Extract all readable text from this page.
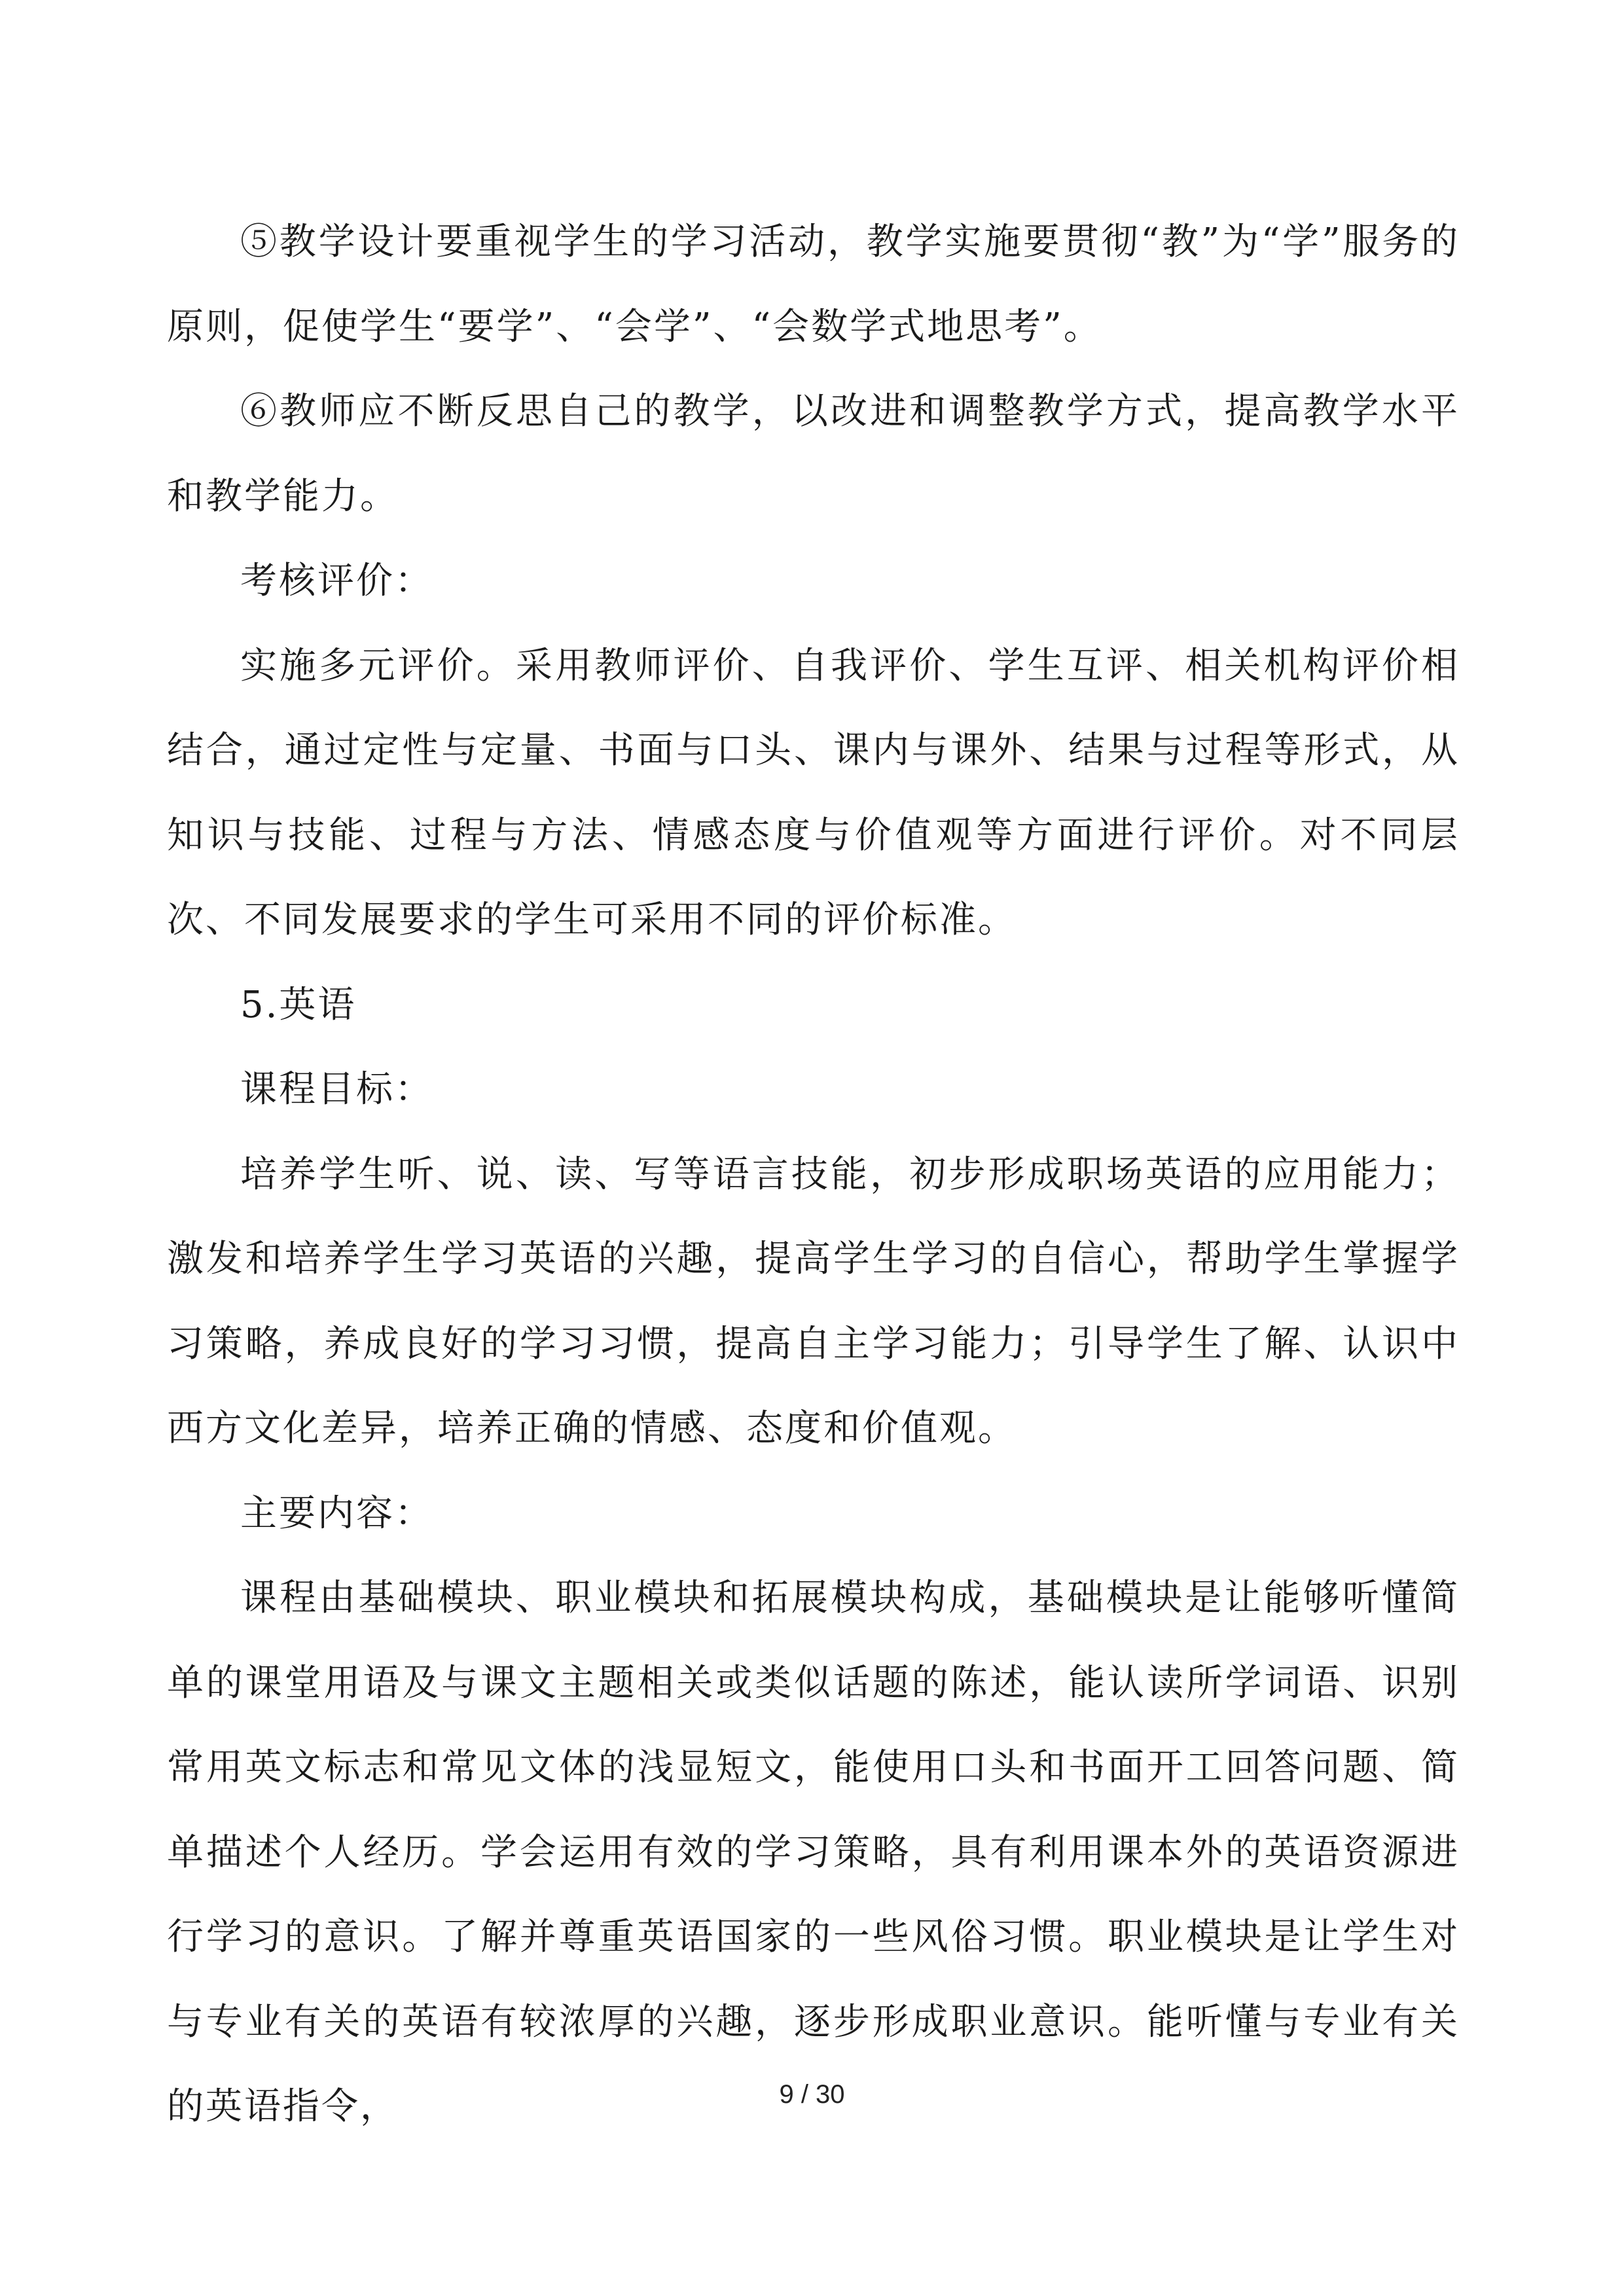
⑤教学设计要重视学生的学习活动，教学实施要贯彻“教”为“学”服务的原则，促使学生“要学”、“会学”、“会数学式地思考”。

⑥教师应不断反思自己的教学，以改进和调整教学方式，提高教学水平和教学能力。

考核评价：

实施多元评价。采用教师评价、自我评价、学生互评、相关机构评价相结合，通过定性与定量、书面与口头、课内与课外、结果与过程等形式，从知识与技能、过程与方法、情感态度与价值观等方面进行评价。对不同层次、不同发展要求的学生可采用不同的评价标准。

5.英语

课程目标：

培养学生听、说、读、写等语言技能，初步形成职场英语的应用能力；激发和培养学生学习英语的兴趣，提高学生学习的自信心，帮助学生掌握学习策略，养成良好的学习习惯，提高自主学习能力；引导学生了解、认识中西方文化差异，培养正确的情感、态度和价值观。

主要内容：

课程由基础模块、职业模块和拓展模块构成，基础模块是让能够听懂简单的课堂用语及与课文主题相关或类似话题的陈述，能认读所学词语、识别常用英文标志和常见文体的浅显短文，能使用口头和书面开工回答问题、简单描述个人经历。学会运用有效的学习策略，具有利用课本外的英语资源进行学习的意识。了解并尊重英语国家的一些风俗习惯。职业模块是让学生对与专业有关的英语有较浓厚的兴趣，逐步形成职业意识。能听懂与专业有关的英语指令，	9 / 30
